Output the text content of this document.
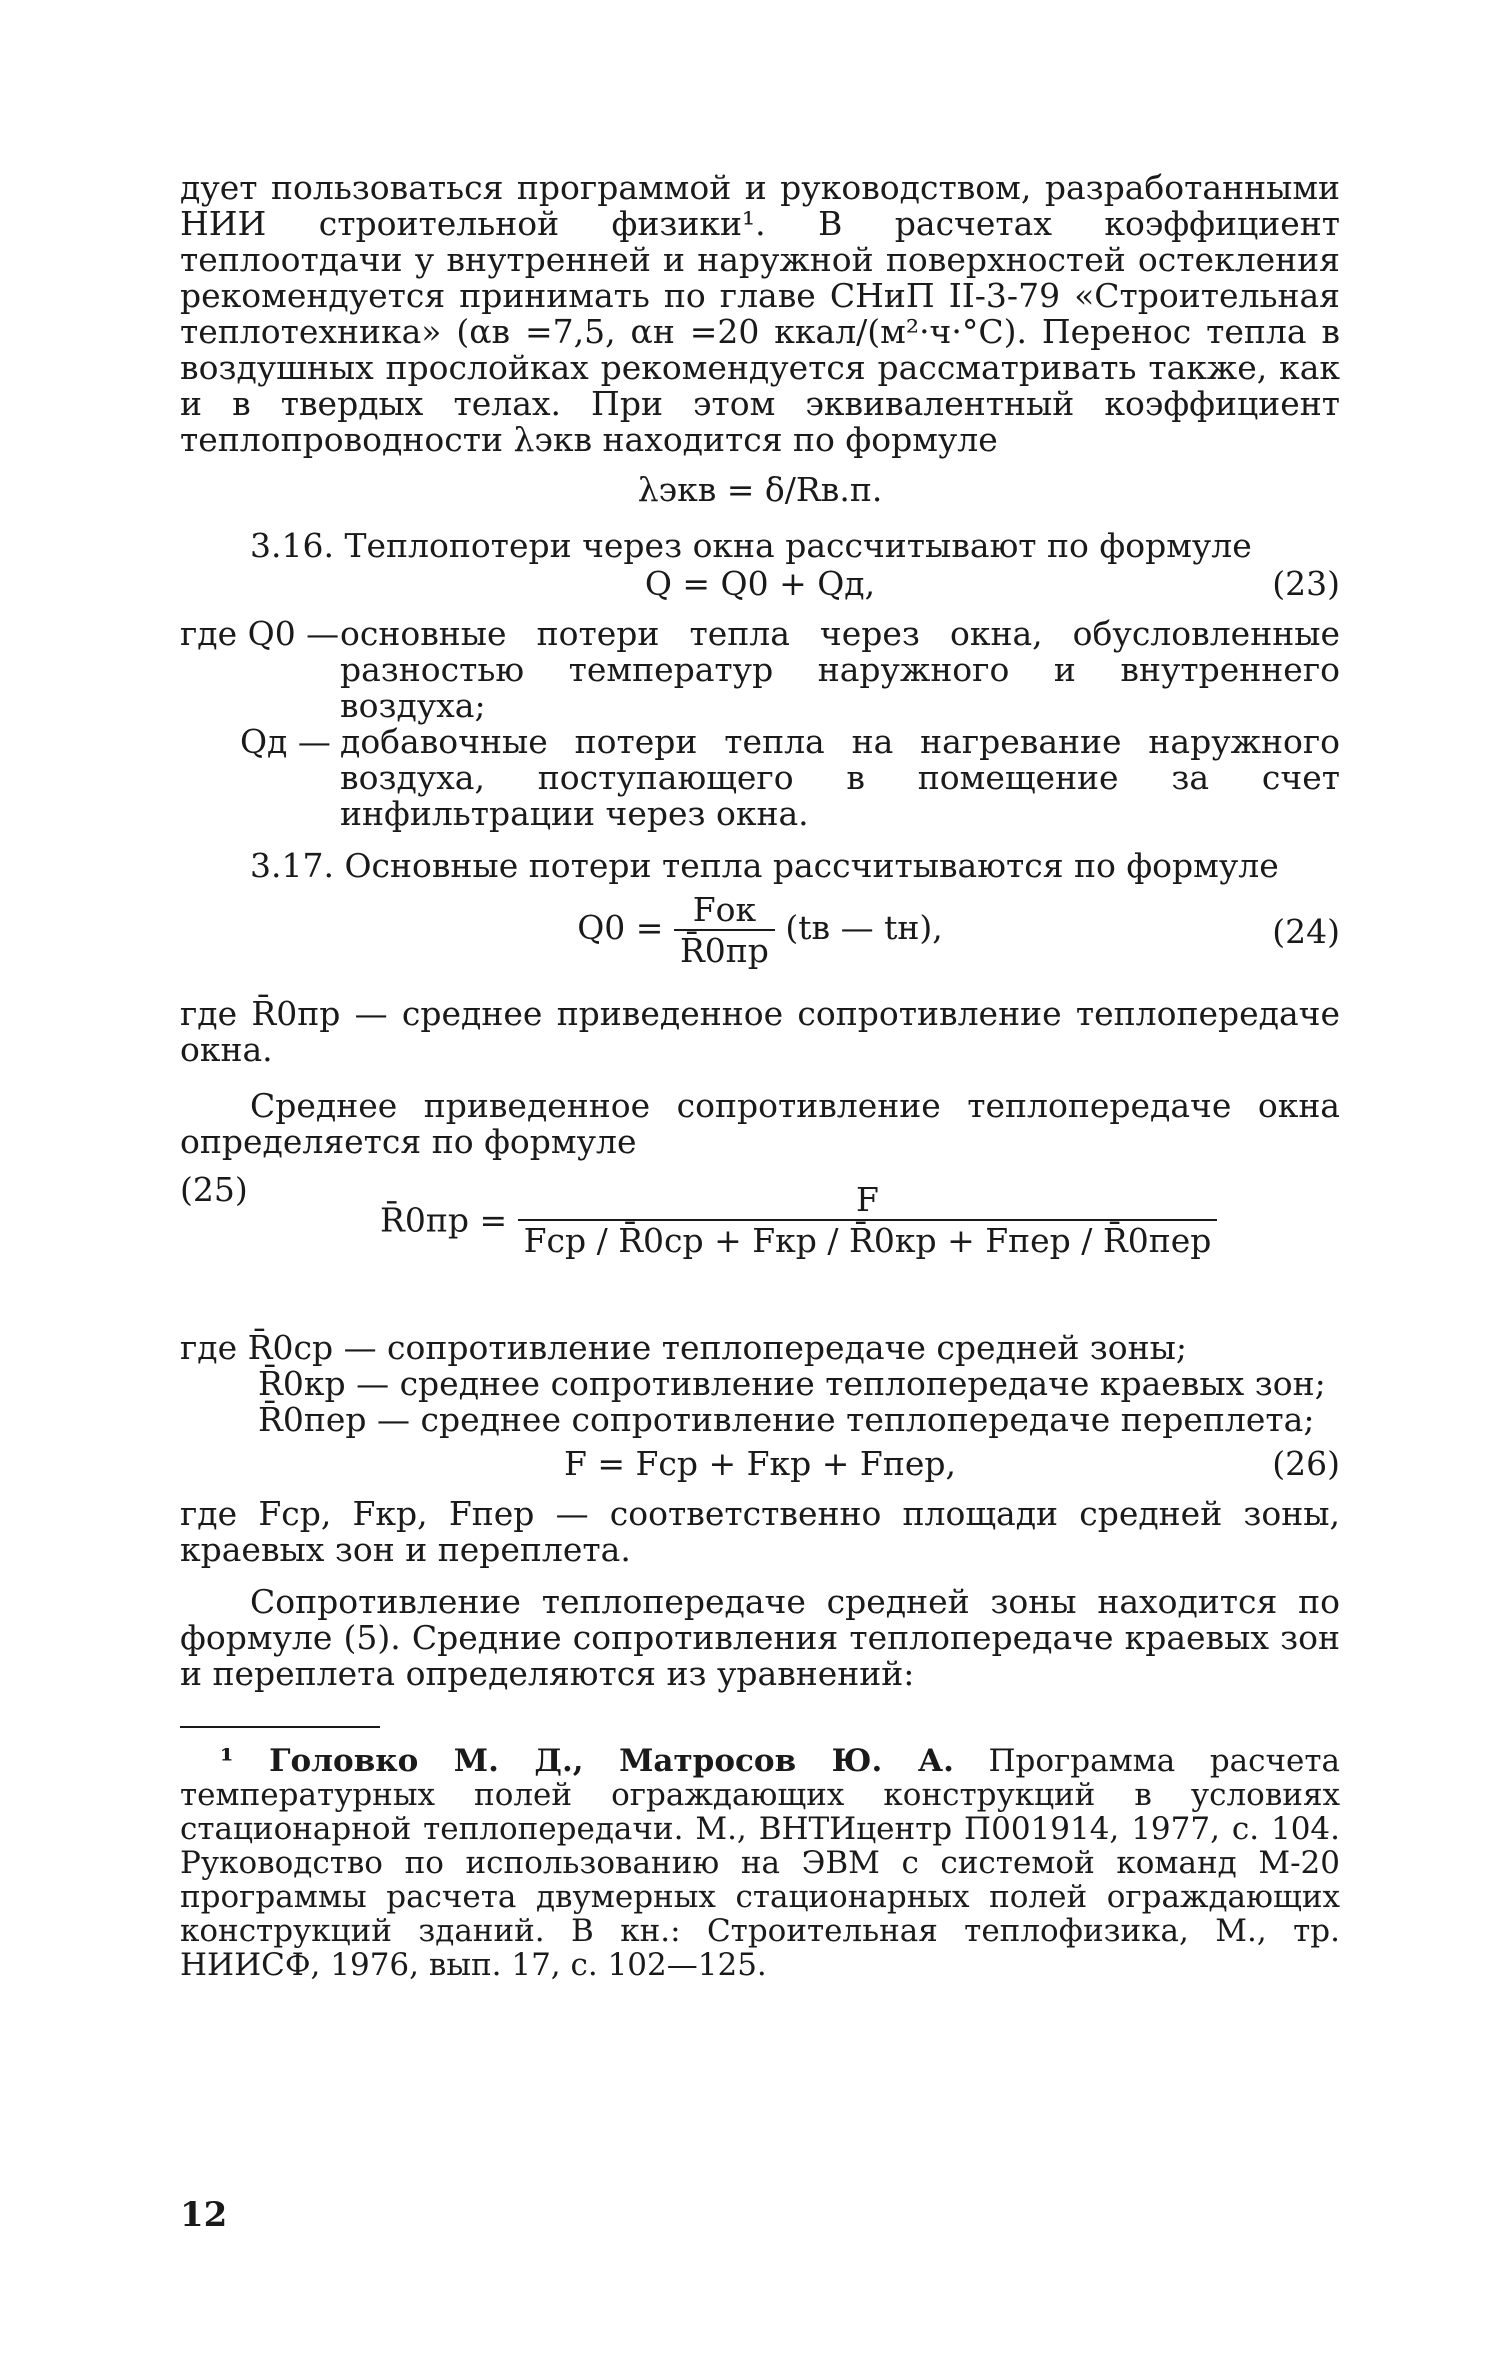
дует пользоваться программой и руководством, разработанными НИИ строительной физики¹. В расчетах коэффициент теплоотдачи у внутренней и наружной поверхностей остекления рекомендуется принимать по главе СНиП II-3-79 «Строительная теплотехника» (αв =7,5, αн =20 ккал/(м²·ч·°С). Перенос тепла в воздушных прослойках рекомендуется рассматривать также, как и в твердых телах. При этом эквивалентный коэффициент теплопроводности λэкв находится по формуле

λэкв = δ/Rв.п.

3.16. Теплопотери через окна рассчитывают по формуле

Q = Q0 + Qд,	(23)
где Q0 — основные потери тепла через окна, обусловленные разностью температур наружного и внутреннего воздуха;
Qд — добавочные потери тепла на нагревание наружного воздуха, поступающего в помещение за счет инфильтрации через окна.

3.17. Основные потери тепла рассчитываются по формуле

$Q0 = \frac{\text{Fок}}{R̄0пр} (tв$ — tн),	(24)

где R̄0пр — среднее приведенное сопротивление теплопередаче окна.

Среднее приведенное сопротивление теплопередаче окна определяется по формуле

R̄0пр = $\frac{F}{\text{Fср / R̄0ср + Fкр / R̄0кр + Fпер / R̄0пер}}$
(25)

где R̄0ср — сопротивление теплопередаче средней зоны;

R̄0кр — среднее сопротивление теплопередаче краевых зон;

R̄0пер — среднее сопротивление теплопередаче переплета;

F = Fср + Fкр + Fпер,	(26)

где Fср, Fкр, Fпер — соответственно площади средней зоны, краевых зон и переплета.

Сопротивление теплопередаче средней зоны находится по формуле (5). Средние сопротивления теплопередаче краевых зон и переплета определяются из уравнений:

¹ Головко М. Д., Матросов Ю. А. Программа расчета температурных полей ограждающих конструкций в условиях стационарной теплопередачи. М., ВНТИцентр П001914, 1977, с. 104. Руководство по использованию на ЭВМ с системой команд М-20 программы расчета двумерных стационарных полей ограждающих конструкций зданий. В кн.: Строительная теплофизика, М., тр. НИИСФ, 1976, вып. 17, с. 102—125.

12
